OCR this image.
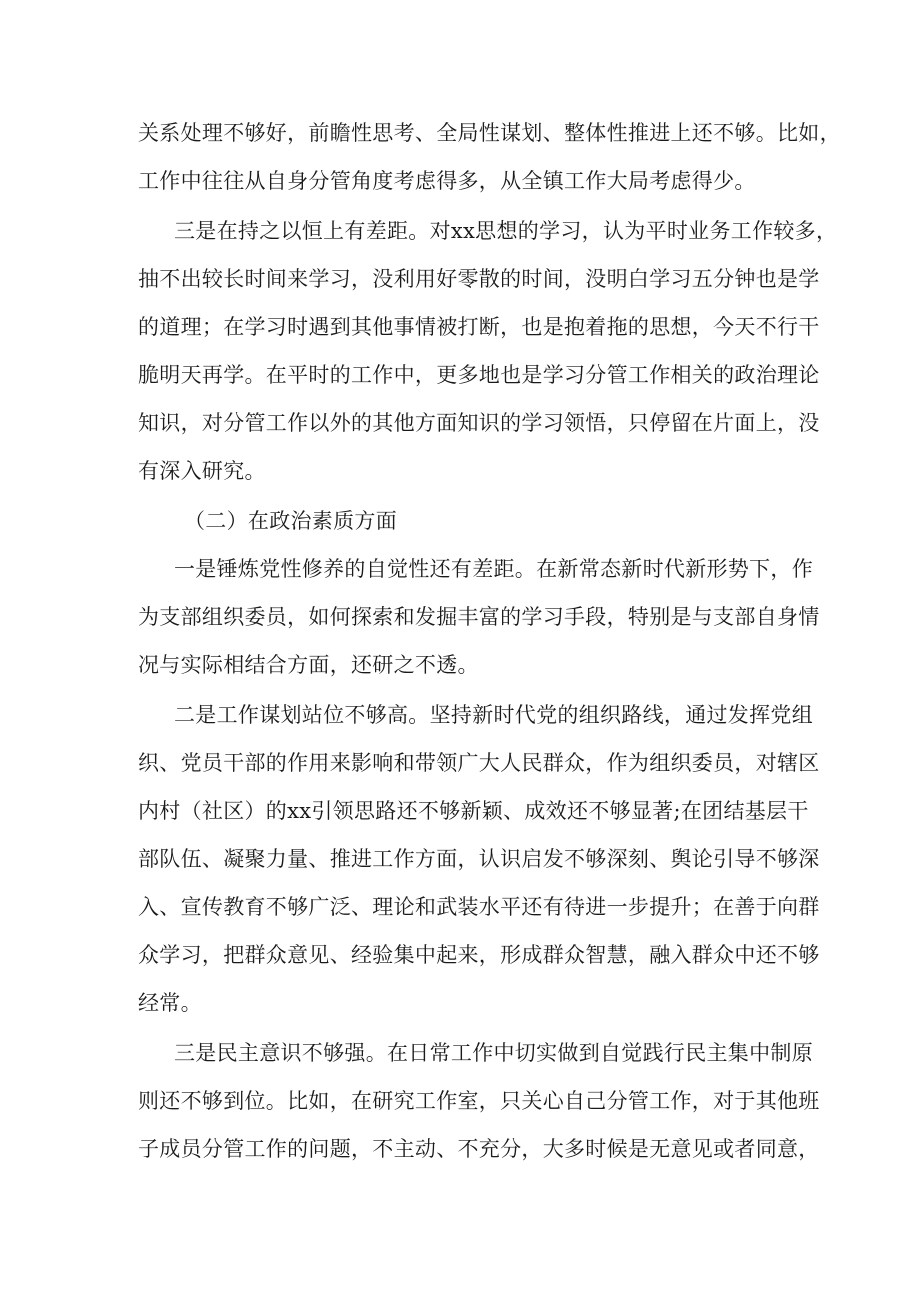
关系处理不够好，前瞻性思考、全局性谋划、整体性推进上还不够。比如，
工作中往往从自身分管角度考虑得多，从全镇工作大局考虑得少。
三是在持之以恒上有差距。对xx思想的学习，认为平时业务工作较多，
抽不出较长时间来学习，没利用好零散的时间，没明白学习五分钟也是学
的道理；在学习时遇到其他事情被打断，也是抱着拖的思想，今天不行干
脆明天再学。在平时的工作中，更多地也是学习分管工作相关的政治理论
知识，对分管工作以外的其他方面知识的学习领悟，只停留在片面上，没
有深入研究。
（二）在政治素质方面
一是锤炼党性修养的自觉性还有差距。在新常态新时代新形势下，作
为支部组织委员，如何探索和发掘丰富的学习手段，特别是与支部自身情
况与实际相结合方面，还研之不透。
二是工作谋划站位不够高。坚持新时代党的组织路线，通过发挥党组
织、党员干部的作用来影响和带领广大人民群众，作为组织委员，对辖区
内村（社区）的xx引领思路还不够新颖、成效还不够显著;在团结基层干
部队伍、凝聚力量、推进工作方面，认识启发不够深刻、舆论引导不够深
入、宣传教育不够广泛、理论和武装水平还有待进一步提升；在善于向群
众学习，把群众意见、经验集中起来，形成群众智慧，融入群众中还不够
经常。
三是民主意识不够强。在日常工作中切实做到自觉践行民主集中制原
则还不够到位。比如，在研究工作室，只关心自己分管工作，对于其他班
子成员分管工作的问题，不主动、不充分，大多时候是无意见或者同意，
